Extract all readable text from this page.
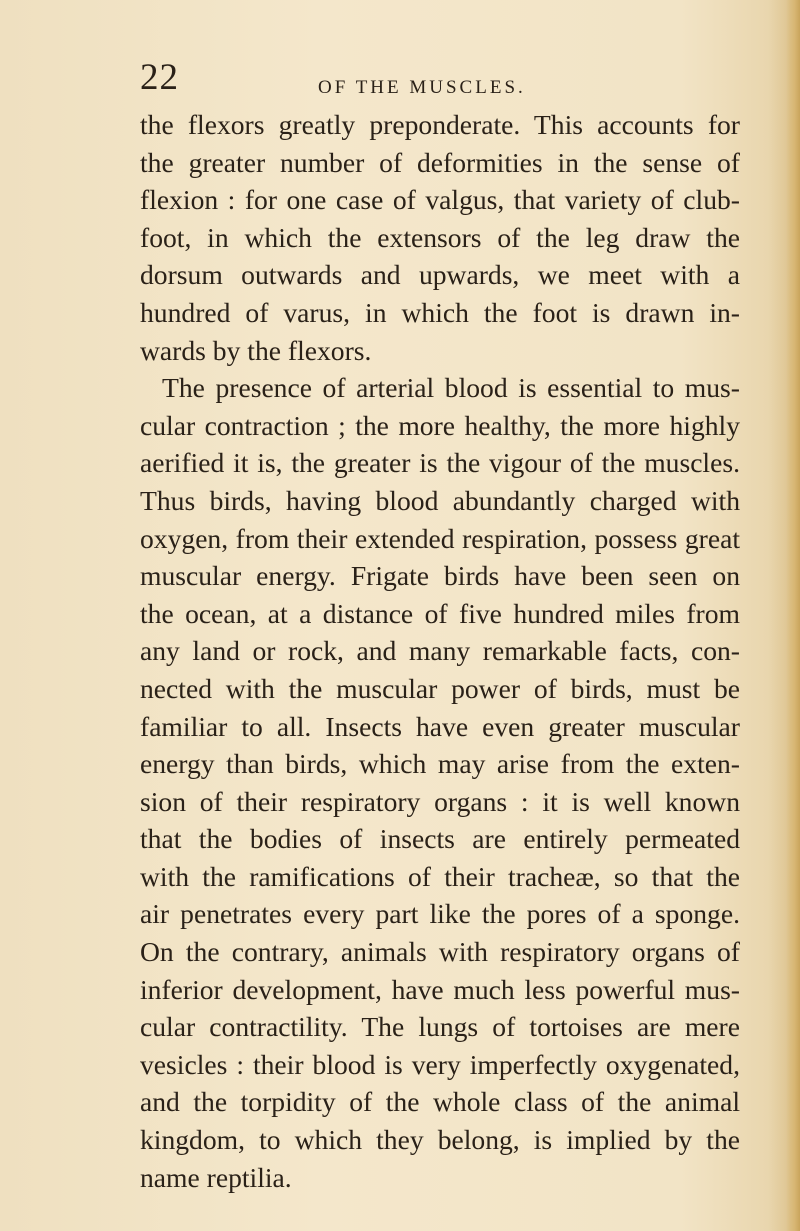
22	OF THE MUSCLES.
the flexors greatly preponderate. This accounts for
the greater number of deformities in the sense of
flexion : for one case of valgus, that variety of club-
foot, in which the extensors of the leg draw the
dorsum outwards and upwards, we meet with a
hundred of varus, in which the foot is drawn in-
wards by the flexors.
The presence of arterial blood is essential to mus-
cular contraction ; the more healthy, the more highly
aerified it is, the greater is the vigour of the muscles.
Thus birds, having blood abundantly charged with
oxygen, from their extended respiration, possess great
muscular energy. Frigate birds have been seen on
the ocean, at a distance of five hundred miles from
any land or rock, and many remarkable facts, con-
nected with the muscular power of birds, must be
familiar to all. Insects have even greater muscular
energy than birds, which may arise from the exten-
sion of their respiratory organs : it is well known
that the bodies of insects are entirely permeated
with the ramifications of their tracheæ, so that the
air penetrates every part like the pores of a sponge.
On the contrary, animals with respiratory organs of
inferior development, have much less powerful mus-
cular contractility. The lungs of tortoises are mere
vesicles : their blood is very imperfectly oxygenated,
and the torpidity of the whole class of the animal
kingdom, to which they belong, is implied by the
name reptilia.
